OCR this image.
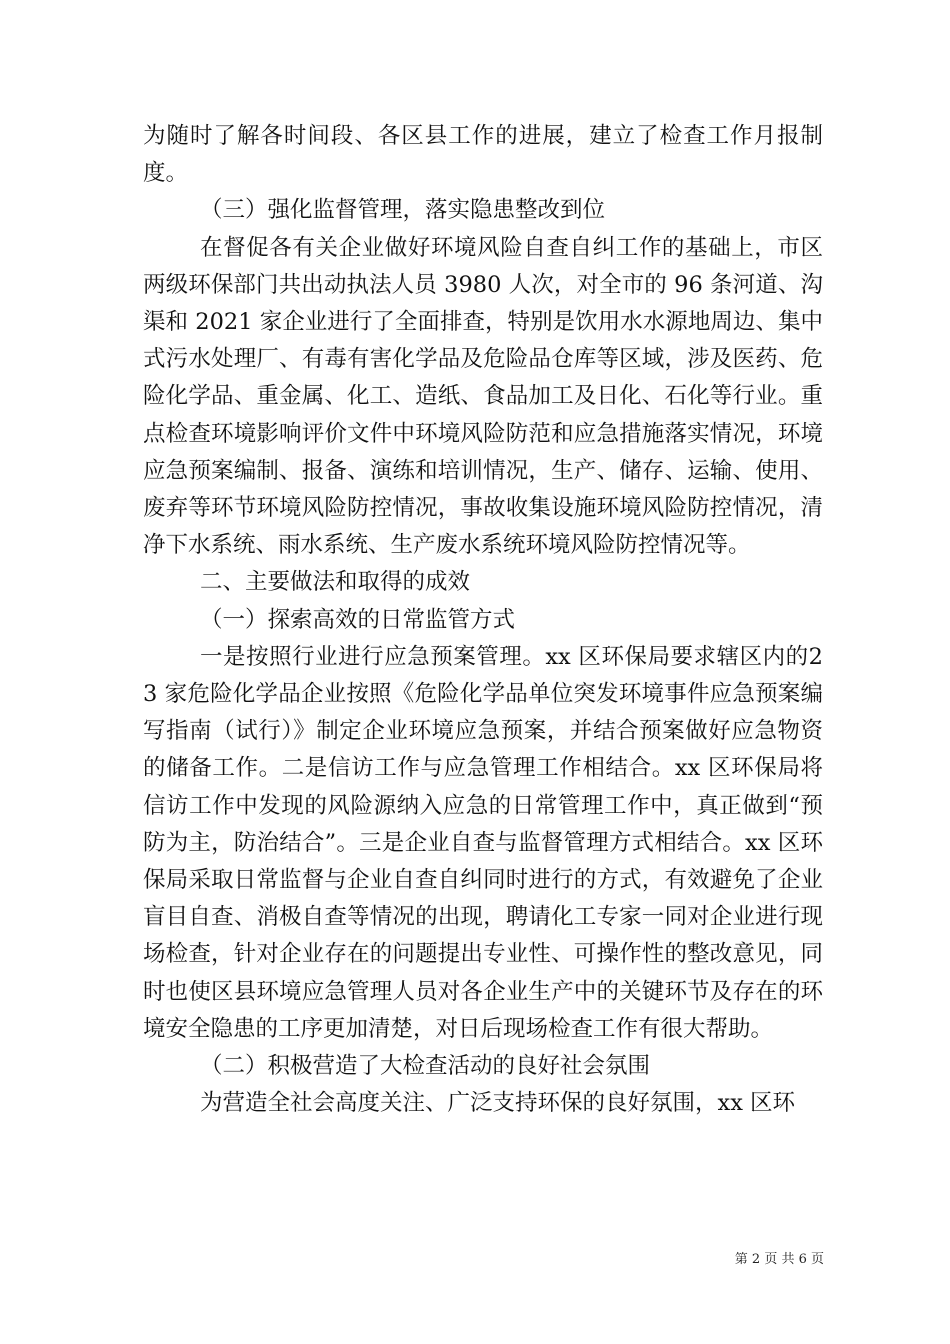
为随时了解各时间段、各区县工作的进展，建立了检查工作月报制度。

（三）强化监督管理，落实隐患整改到位

在督促各有关企业做好环境风险自查自纠工作的基础上，市区两级环保部门共出动执法人员 3980 人次，对全市的 96 条河道、沟渠和 2021 家企业进行了全面排查，特别是饮用水水源地周边、集中式污水处理厂、有毒有害化学品及危险品仓库等区域，涉及医药、危险化学品、重金属、化工、造纸、食品加工及日化、石化等行业。重点检查环境影响评价文件中环境风险防范和应急措施落实情况，环境应急预案编制、报备、演练和培训情况，生产、储存、运输、使用、废弃等环节环境风险防控情况，事故收集设施环境风险防控情况，清净下水系统、雨水系统、生产废水系统环境风险防控情况等。

二、主要做法和取得的成效

（一）探索高效的日常监管方式

一是按照行业进行应急预案管理。xx 区环保局要求辖区内的23 家危险化学品企业按照《危险化学品单位突发环境事件应急预案编写指南（试行）》制定企业环境应急预案，并结合预案做好应急物资的储备工作。二是信访工作与应急管理工作相结合。xx 区环保局将信访工作中发现的风险源纳入应急的日常管理工作中，真正做到“预防为主，防治结合”。三是企业自查与监督管理方式相结合。xx 区环保局采取日常监督与企业自查自纠同时进行的方式，有效避免了企业盲目自查、消极自查等情况的出现，聘请化工专家一同对企业进行现场检查，针对企业存在的问题提出专业性、可操作性的整改意见，同时也使区县环境应急管理人员对各企业生产中的关键环节及存在的环境安全隐患的工序更加清楚，对日后现场检查工作有很大帮助。

（二）积极营造了大检查活动的良好社会氛围

为营造全社会高度关注、广泛支持环保的良好氛围，xx 区环

第 2 页 共 6 页
